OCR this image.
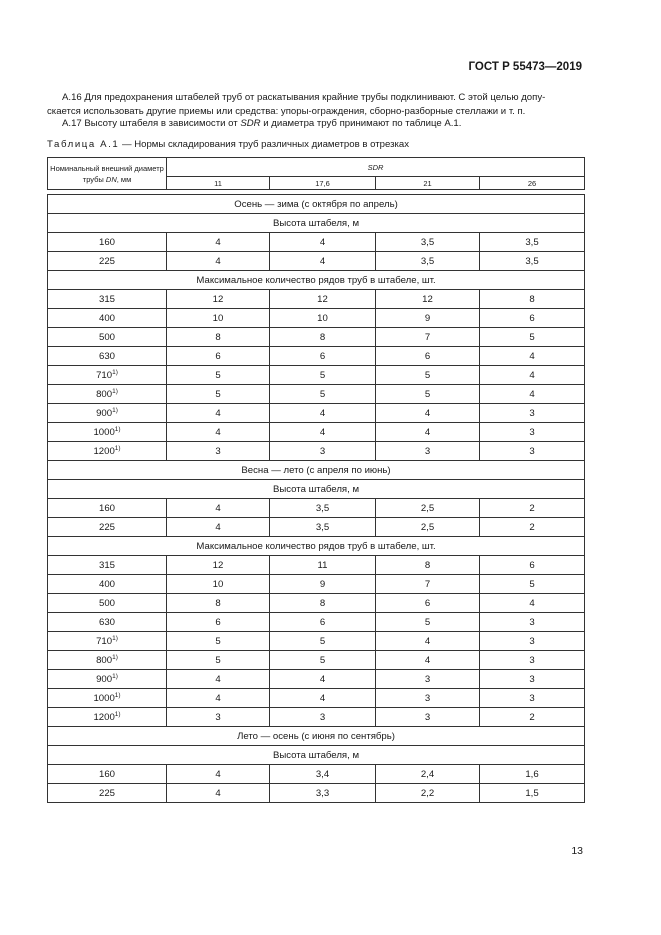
ГОСТ Р 55473—2019
А.16 Для предохранения штабелей труб от раскатывания крайние трубы подклинивают. С этой целью допу-
скается использовать другие приемы или средства: упоры-ограждения, сборно-разборные стеллажи и т. п.
А.17 Высоту штабеля в зависимости от SDR и диаметра труб принимают по таблице А.1.
Таблица А.1 — Нормы складирования труб различных диаметров в отрезках
Номинальный внешний диаметр трубы DN, мм	SDR			
	11	17,6	21	26

Осень — зима (с октября по апрель)				
Высота штабеля, м				
160	4	4	3,5	3,5
225	4	4	3,5	3,5
Максимальное количество рядов труб в штабеле, шт.				
315	12	12	12	8
400	10	10	9	6
500	8	8	7	5
630	6	6	6	4
710$^{1)}$	5	5	5	4
800$^{1)}$	5	5	5	4
900$^{1)}$	4	4	4	3
1000$^{1)}$	4	4	4	3
1200$^{1)}$	3	3	3	3
Весна — лето (с апреля по июнь)				
Высота штабеля, м				
160	4	3,5	2,5	2
225	4	3,5	2,5	2
Максимальное количество рядов труб в штабеле, шт.				
315	12	11	8	6
400	10	9	7	5
500	8	8	6	4
630	6	6	5	3
710$^{1)}$	5	5	4	3
800$^{1)}$	5	5	4	3
900$^{1)}$	4	4	3	3
1000$^{1)}$	4	4	3	3
1200$^{1)}$	3	3	3	2
Лето — осень (с июня по сентябрь)				
Высота штабеля, м				
160	4	3,4	2,4	1,6
225	4	3,3	2,2	1,5
13
